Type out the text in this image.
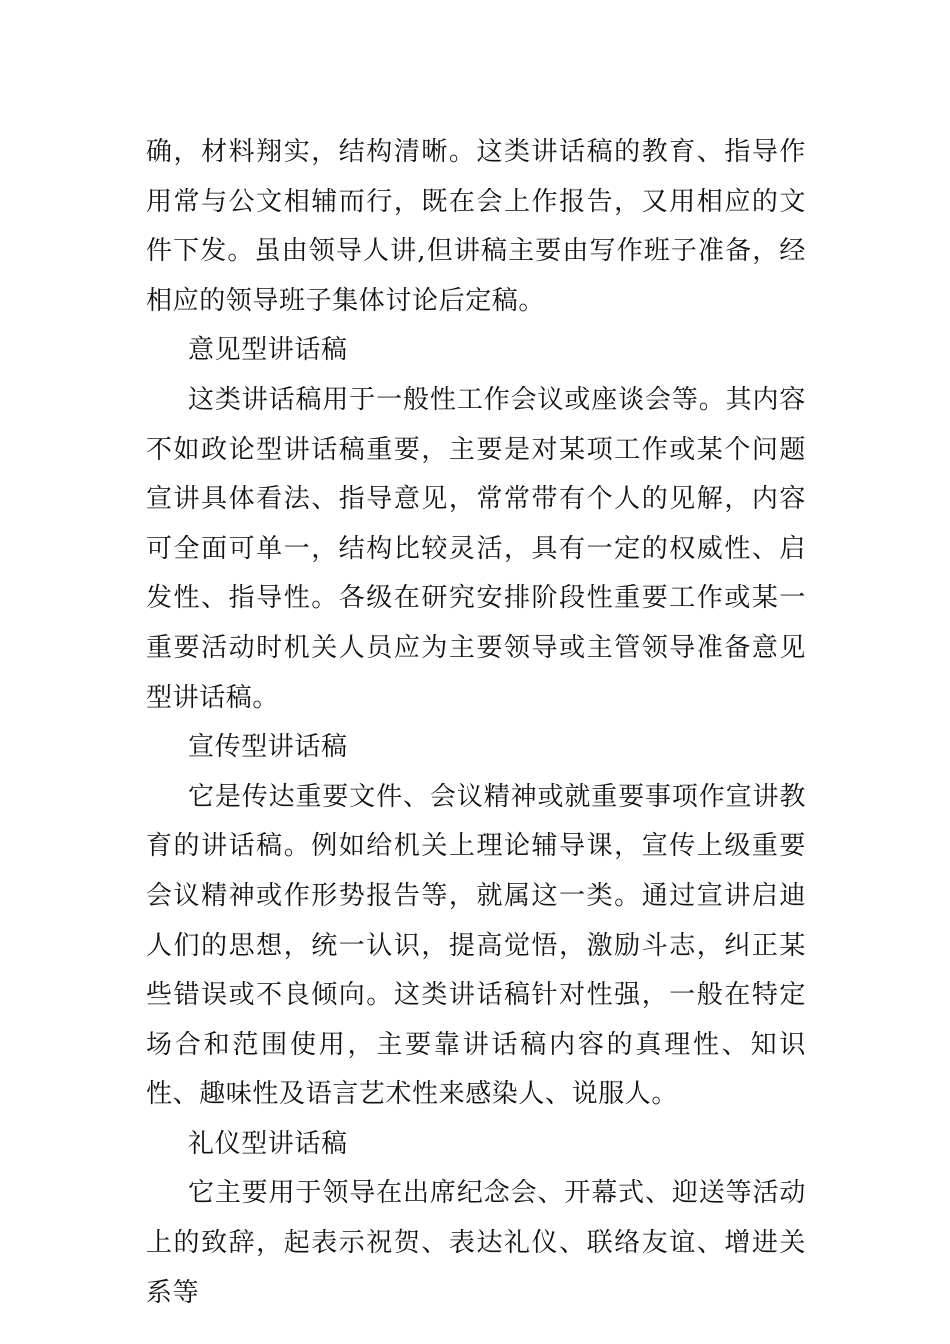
确，材料翔实，结构清晰。这类讲话稿的教育、指导作用常与公文相辅而行，既在会上作报告，又用相应的文件下发。虽由领导人讲,但讲稿主要由写作班子准备，经相应的领导班子集体讨论后定稿。

意见型讲话稿

这类讲话稿用于一般性工作会议或座谈会等。其内容不如政论型讲话稿重要，主要是对某项工作或某个问题宣讲具体看法、指导意见，常常带有个人的见解，内容可全面可单一，结构比较灵活，具有一定的权威性、启发性、指导性。各级在研究安排阶段性重要工作或某一重要活动时机关人员应为主要领导或主管领导准备意见型讲话稿。

宣传型讲话稿

它是传达重要文件、会议精神或就重要事项作宣讲教育的讲话稿。例如给机关上理论辅导课，宣传上级重要会议精神或作形势报告等，就属这一类。通过宣讲启迪人们的思想，统一认识，提高觉悟，激励斗志，纠正某些错误或不良倾向。这类讲话稿针对性强，一般在特定场合和范围使用，主要靠讲话稿内容的真理性、知识性、趣味性及语言艺术性来感染人、说服人。

礼仪型讲话稿

它主要用于领导在出席纪念会、开幕式、迎送等活动上的致辞，起表示祝贺、表达礼仪、联络友谊、增进关系等
